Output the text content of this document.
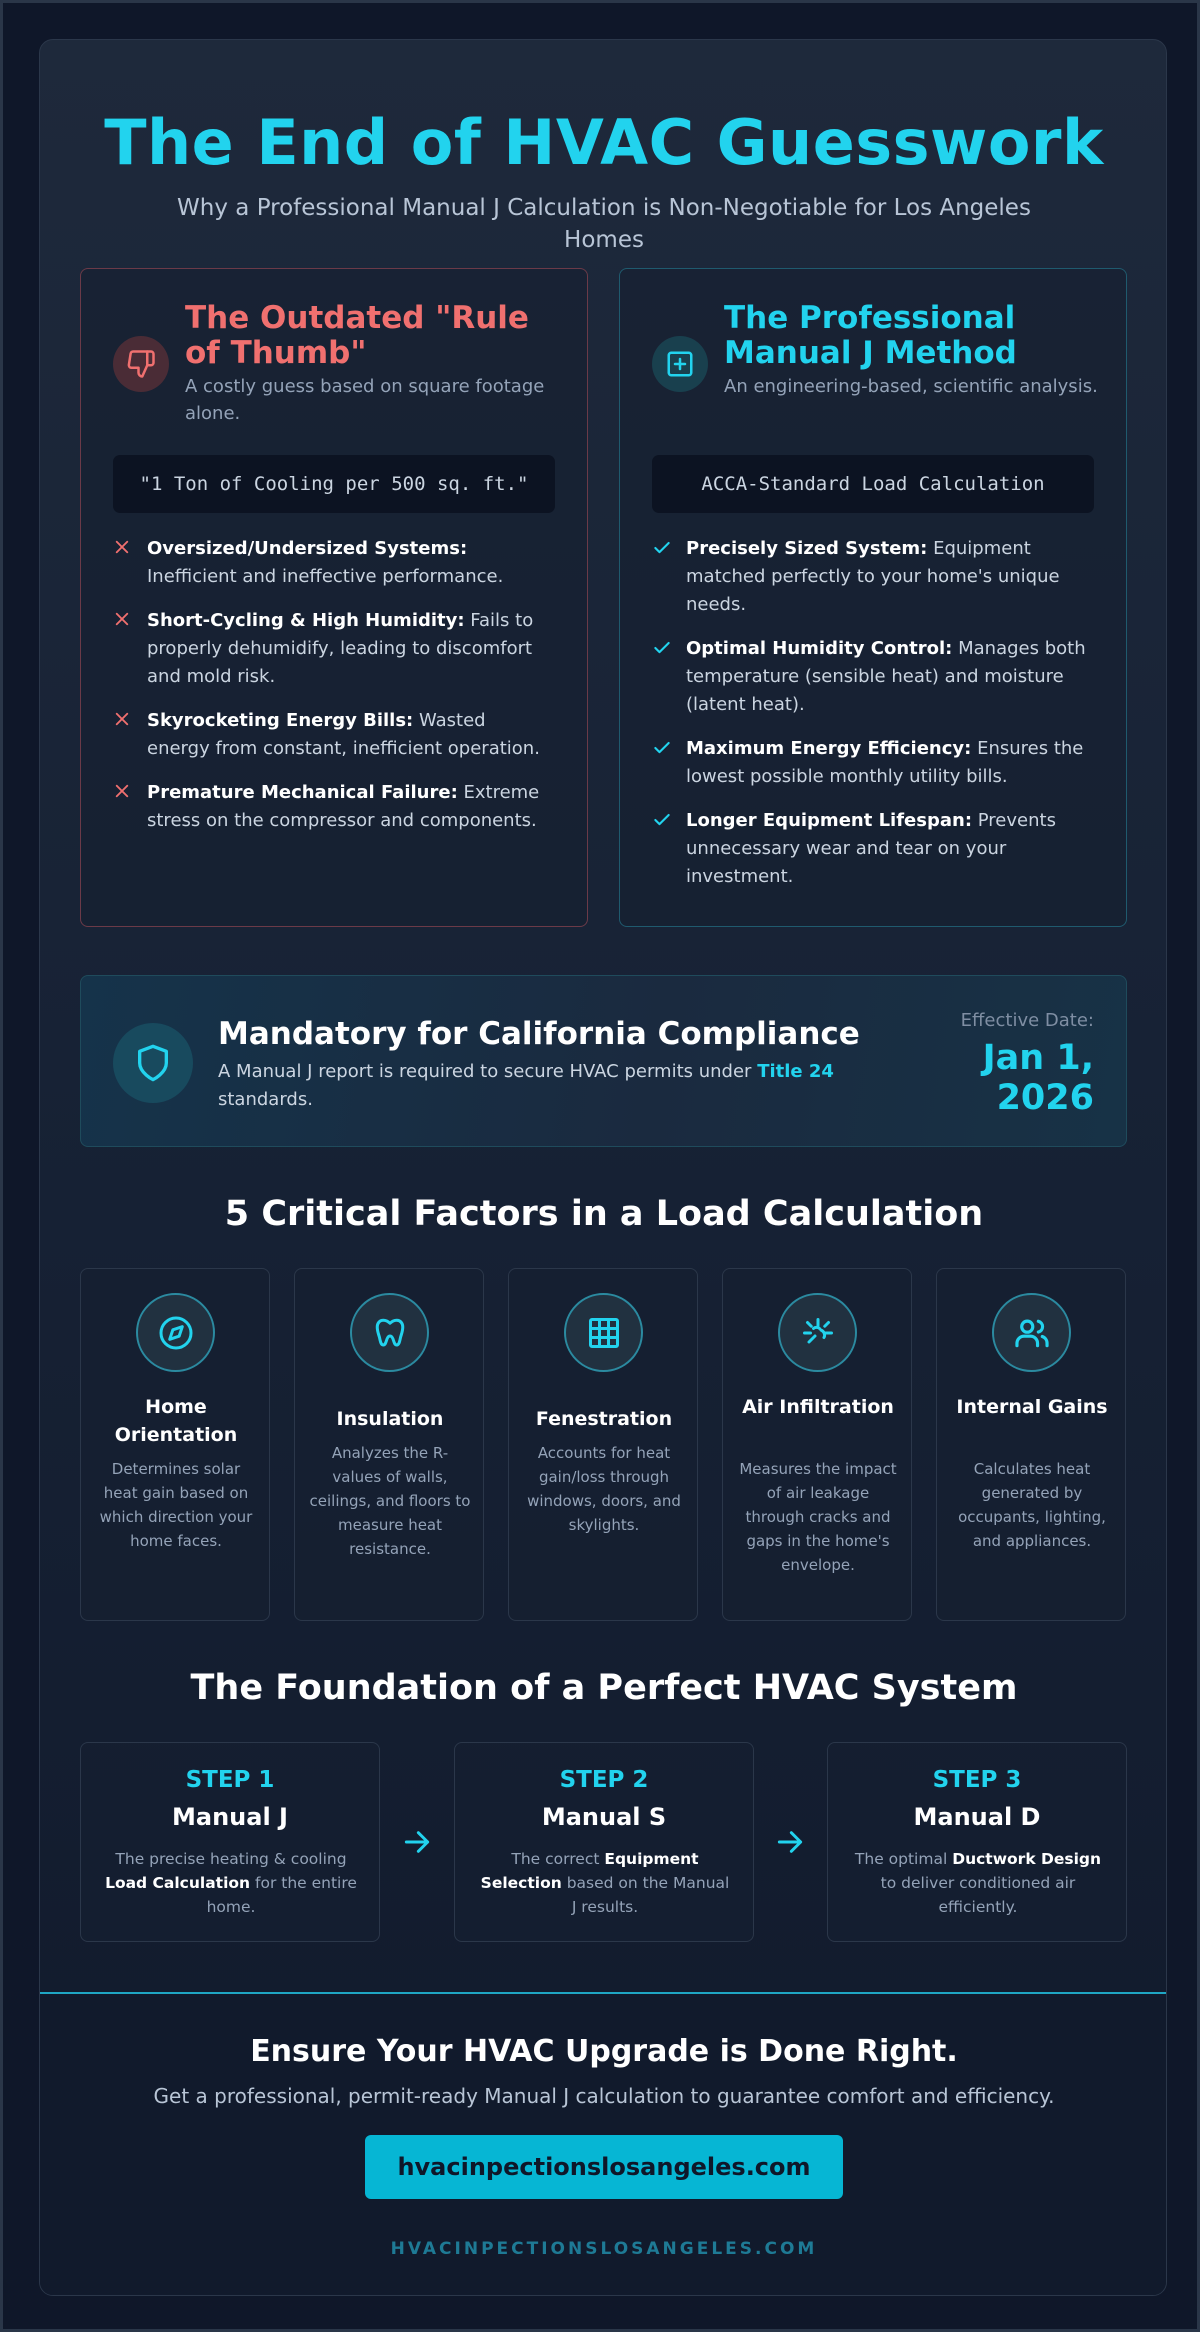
The End of HVAC Guesswork

Why a Professional Manual J Calculation is Non-Negotiable for Los Angeles Homes

The Outdated "Rule of Thumb"

A costly guess based on square footage alone.

"1 Ton of Cooling per 500 sq. ft."
Oversized/Undersized Systems: Inefficient and ineffective performance.
Short-Cycling & High Humidity: Fails to properly dehumidify, leading to discomfort and mold risk.
Skyrocketing Energy Bills: Wasted energy from constant, inefficient operation.
Premature Mechanical Failure: Extreme stress on the compressor and components.
The Professional Manual J Method

An engineering-based, scientific analysis.

ACCA-Standard Load Calculation
Precisely Sized System: Equipment matched perfectly to your home's unique needs.
Optimal Humidity Control: Manages both temperature (sensible heat) and moisture (latent heat).
Maximum Energy Efficiency: Ensures the lowest possible monthly utility bills.
Longer Equipment Lifespan: Prevents unnecessary wear and tear on your investment.
Mandatory for California Compliance

A Manual J report is required to secure HVAC permits under Title 24 standards.

Effective Date:
Jan 1, 2026
5 Critical Factors in a Load Calculation
Home Orientation
Determines solar heat gain based on which direction your home faces.
Insulation
Analyzes the R-values of walls, ceilings, and floors to measure heat resistance.
Fenestration
Accounts for heat gain/loss through windows, doors, and skylights.
Air Infiltration
Measures the impact of air leakage through cracks and gaps in the home's envelope.
Internal Gains
Calculates heat generated by occupants, lighting, and appliances.
The Foundation of a Perfect HVAC System
STEP 1
Manual J
The precise heating & cooling Load Calculation for the entire home.
STEP 2
Manual S
The correct Equipment Selection based on the Manual J results.
STEP 3
Manual D
The optimal Ductwork Design to deliver conditioned air efficiently.
Ensure Your HVAC Upgrade is Done Right.

Get a professional, permit-ready Manual J calculation to guarantee comfort and efficiency.

hvacinpectionslosangeles.com
HVACINPECTIONSLOSANGELES.COM
